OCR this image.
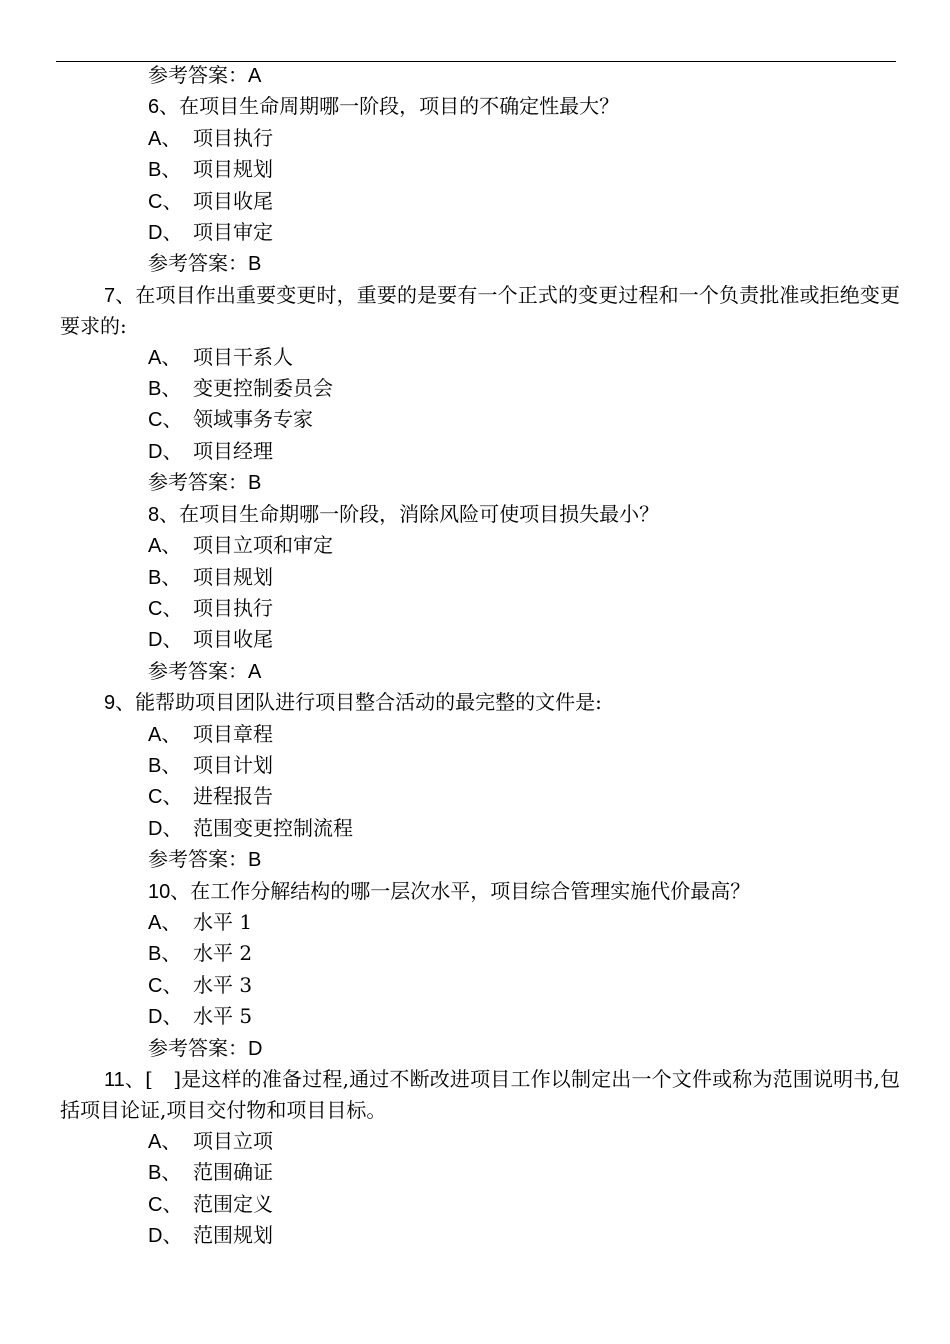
参考答案：A
6、在项目生命周期哪一阶段，项目的不确定性最大？
A、 项目执行
B、 项目规划
C、 项目收尾
D、 项目审定
参考答案：B
7、在项目作出重要变更时，重要的是要有一个正式的变更过程和一个负责批准或拒绝变更要求的:
A、 项目干系人
B、 变更控制委员会
C、 领域事务专家
D、 项目经理
参考答案：B
8、在项目生命期哪一阶段，消除风险可使项目损失最小？
A、 项目立项和审定
B、 项目规划
C、 项目执行
D、 项目收尾
参考答案：A
9、能帮助项目团队进行项目整合活动的最完整的文件是:
A、 项目章程
B、 项目计划
C、 进程报告
D、 范围变更控制流程
参考答案：B
10、在工作分解结构的哪一层次水平，项目综合管理实施代价最高？
A、 水平 1
B、 水平 2
C、 水平 3
D、 水平 5
参考答案：D
11、[　]是这样的准备过程,通过不断改进项目工作以制定出一个文件或称为范围说明书,包括项目论证,项目交付物和项目目标。
A、 项目立项
B、 范围确证
C、 范围定义
D、 范围规划
